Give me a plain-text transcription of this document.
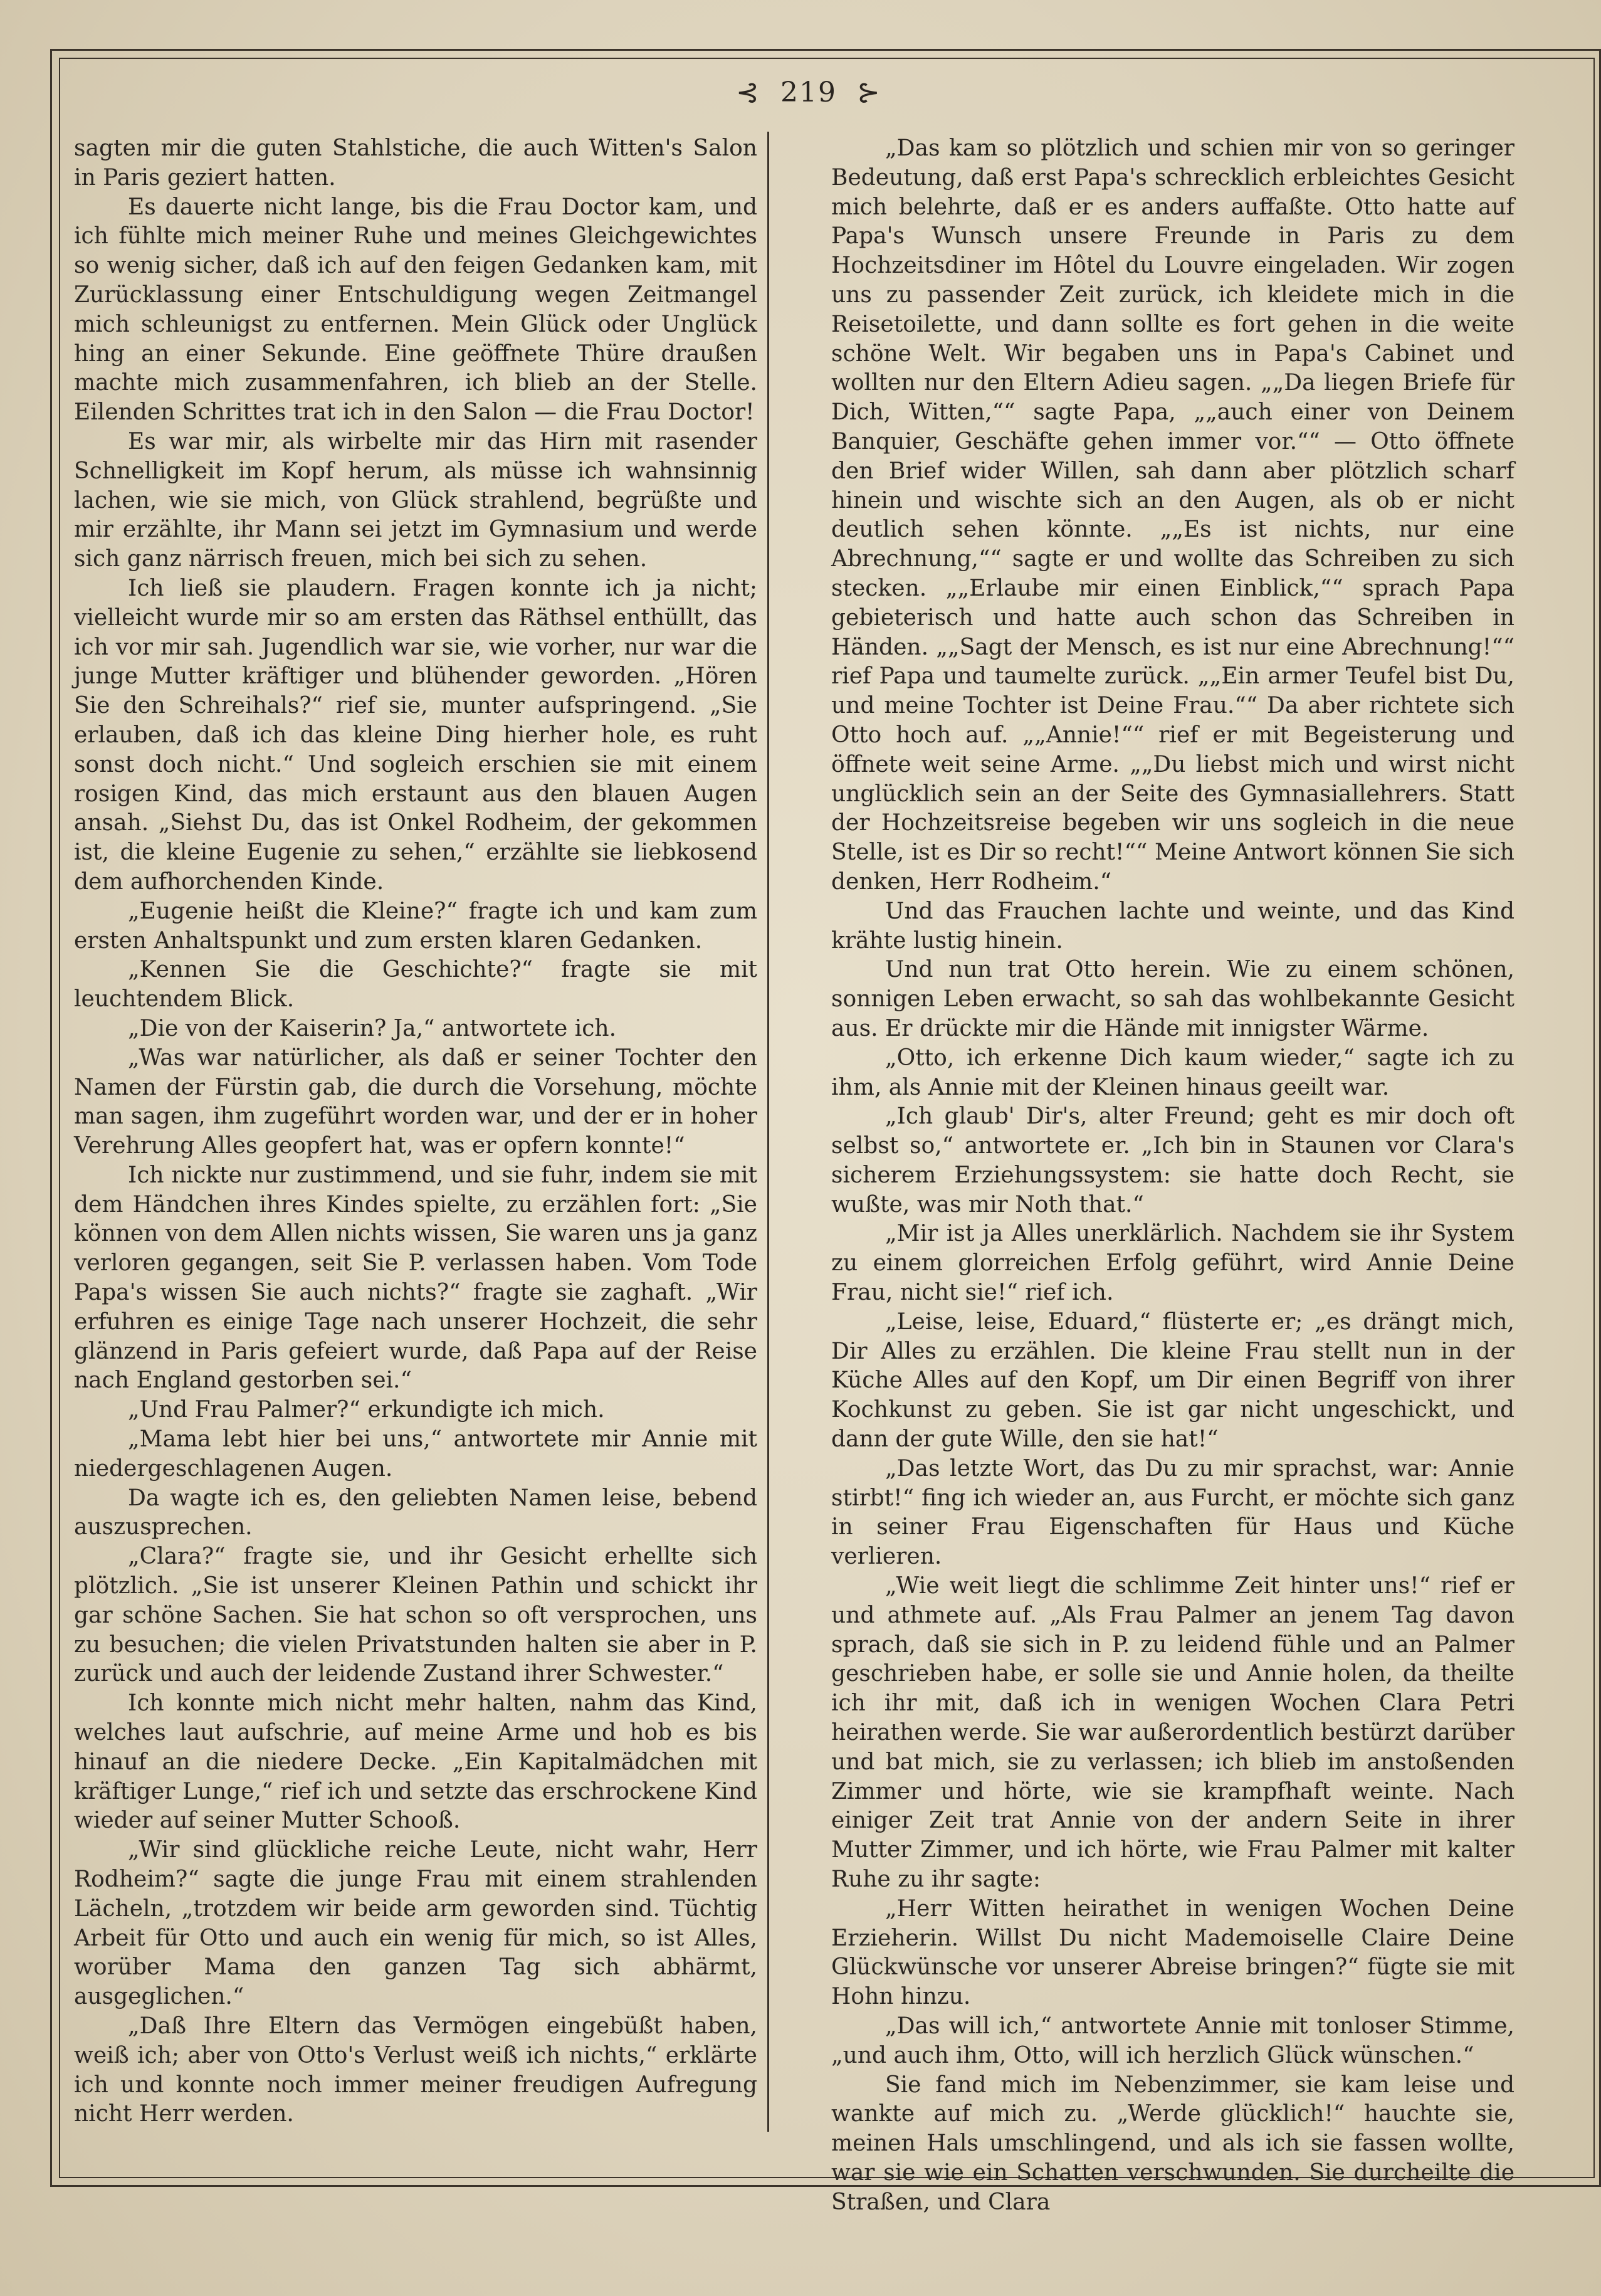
⊰ 219 ⊱

sagten mir die guten Stahlstiche, die auch Witten's Salon in Paris geziert hatten.

Es dauerte nicht lange, bis die Frau Doctor kam, und ich fühlte mich meiner Ruhe und meines Gleichgewichtes so wenig sicher, daß ich auf den feigen Gedanken kam, mit Zurücklassung einer Entschuldigung wegen Zeitmangel mich schleunigst zu entfernen. Mein Glück oder Unglück hing an einer Sekunde. Eine geöffnete Thüre draußen machte mich zusammenfahren, ich blieb an der Stelle. Eilenden Schrittes trat ich in den Salon — die Frau Doctor!

Es war mir, als wirbelte mir das Hirn mit rasender Schnelligkeit im Kopf herum, als müsse ich wahnsinnig lachen, wie sie mich, von Glück strahlend, begrüßte und mir erzählte, ihr Mann sei jetzt im Gymnasium und werde sich ganz närrisch freuen, mich bei sich zu sehen.

Ich ließ sie plaudern. Fragen konnte ich ja nicht; vielleicht wurde mir so am ersten das Räthsel enthüllt, das ich vor mir sah. Jugendlich war sie, wie vorher, nur war die junge Mutter kräftiger und blühender geworden. „Hören Sie den Schreihals?“ rief sie, munter aufspringend. „Sie erlauben, daß ich das kleine Ding hierher hole, es ruht sonst doch nicht.“ Und sogleich erschien sie mit einem rosigen Kind, das mich erstaunt aus den blauen Augen ansah. „Siehst Du, das ist Onkel Rodheim, der gekommen ist, die kleine Eugenie zu sehen,“ erzählte sie liebkosend dem aufhorchenden Kinde.

„Eugenie heißt die Kleine?“ fragte ich und kam zum ersten Anhaltspunkt und zum ersten klaren Gedanken.

„Kennen Sie die Geschichte?“ fragte sie mit leuchtendem Blick.

„Die von der Kaiserin? Ja,“ antwortete ich.

„Was war natürlicher, als daß er seiner Tochter den Namen der Fürstin gab, die durch die Vorsehung, möchte man sagen, ihm zugeführt worden war, und der er in hoher Verehrung Alles geopfert hat, was er opfern konnte!“

Ich nickte nur zustimmend, und sie fuhr, indem sie mit dem Händchen ihres Kindes spielte, zu erzählen fort: „Sie können von dem Allen nichts wissen, Sie waren uns ja ganz verloren gegangen, seit Sie P. verlassen haben. Vom Tode Papa's wissen Sie auch nichts?“ fragte sie zaghaft. „Wir erfuhren es einige Tage nach unserer Hochzeit, die sehr glänzend in Paris gefeiert wurde, daß Papa auf der Reise nach England gestorben sei.“

„Und Frau Palmer?“ erkundigte ich mich.

„Mama lebt hier bei uns,“ antwortete mir Annie mit niedergeschlagenen Augen.

Da wagte ich es, den geliebten Namen leise, bebend auszusprechen.

„Clara?“ fragte sie, und ihr Gesicht erhellte sich plötzlich. „Sie ist unserer Kleinen Pathin und schickt ihr gar schöne Sachen. Sie hat schon so oft versprochen, uns zu besuchen; die vielen Privatstunden halten sie aber in P. zurück und auch der leidende Zustand ihrer Schwester.“

Ich konnte mich nicht mehr halten, nahm das Kind, welches laut aufschrie, auf meine Arme und hob es bis hinauf an die niedere Decke. „Ein Kapitalmädchen mit kräftiger Lunge,“ rief ich und setzte das erschrockene Kind wieder auf seiner Mutter Schooß.

„Wir sind glückliche reiche Leute, nicht wahr, Herr Rodheim?“ sagte die junge Frau mit einem strahlenden Lächeln, „trotzdem wir beide arm geworden sind. Tüchtig Arbeit für Otto und auch ein wenig für mich, so ist Alles, worüber Mama den ganzen Tag sich abhärmt, ausgeglichen.“

„Daß Ihre Eltern das Vermögen eingebüßt haben, weiß ich; aber von Otto's Verlust weiß ich nichts,“ erklärte ich und konnte noch immer meiner freudigen Aufregung nicht Herr werden.

„Das kam so plötzlich und schien mir von so geringer Bedeutung, daß erst Papa's schrecklich erbleichtes Gesicht mich belehrte, daß er es anders auffaßte. Otto hatte auf Papa's Wunsch unsere Freunde in Paris zu dem Hochzeitsdiner im Hôtel du Louvre eingeladen. Wir zogen uns zu passender Zeit zurück, ich kleidete mich in die Reisetoilette, und dann sollte es fort gehen in die weite schöne Welt. Wir begaben uns in Papa's Cabinet und wollten nur den Eltern Adieu sagen. „„Da liegen Briefe für Dich, Witten,““ sagte Papa, „„auch einer von Deinem Banquier, Geschäfte gehen immer vor.““ — Otto öffnete den Brief wider Willen, sah dann aber plötzlich scharf hinein und wischte sich an den Augen, als ob er nicht deutlich sehen könnte. „„Es ist nichts, nur eine Abrechnung,““ sagte er und wollte das Schreiben zu sich stecken. „„Erlaube mir einen Einblick,““ sprach Papa gebieterisch und hatte auch schon das Schreiben in Händen. „„Sagt der Mensch, es ist nur eine Abrechnung!““ rief Papa und taumelte zurück. „„Ein armer Teufel bist Du, und meine Tochter ist Deine Frau.““ Da aber richtete sich Otto hoch auf. „„Annie!““ rief er mit Begeisterung und öffnete weit seine Arme. „„Du liebst mich und wirst nicht unglücklich sein an der Seite des Gymnasiallehrers. Statt der Hochzeitsreise begeben wir uns sogleich in die neue Stelle, ist es Dir so recht!““ Meine Antwort können Sie sich denken, Herr Rodheim.“

Und das Frauchen lachte und weinte, und das Kind krähte lustig hinein.

Und nun trat Otto herein. Wie zu einem schönen, sonnigen Leben erwacht, so sah das wohlbekannte Gesicht aus. Er drückte mir die Hände mit innigster Wärme.

„Otto, ich erkenne Dich kaum wieder,“ sagte ich zu ihm, als Annie mit der Kleinen hinaus geeilt war.

„Ich glaub' Dir's, alter Freund; geht es mir doch oft selbst so,“ antwortete er. „Ich bin in Staunen vor Clara's sicherem Erziehungssystem: sie hatte doch Recht, sie wußte, was mir Noth that.“

„Mir ist ja Alles unerklärlich. Nachdem sie ihr System zu einem glorreichen Erfolg geführt, wird Annie Deine Frau, nicht sie!“ rief ich.

„Leise, leise, Eduard,“ flüsterte er; „es drängt mich, Dir Alles zu erzählen. Die kleine Frau stellt nun in der Küche Alles auf den Kopf, um Dir einen Begriff von ihrer Kochkunst zu geben. Sie ist gar nicht ungeschickt, und dann der gute Wille, den sie hat!“

„Das letzte Wort, das Du zu mir sprachst, war: Annie stirbt!“ fing ich wieder an, aus Furcht, er möchte sich ganz in seiner Frau Eigenschaften für Haus und Küche verlieren.

„Wie weit liegt die schlimme Zeit hinter uns!“ rief er und athmete auf. „Als Frau Palmer an jenem Tag davon sprach, daß sie sich in P. zu leidend fühle und an Palmer geschrieben habe, er solle sie und Annie holen, da theilte ich ihr mit, daß ich in wenigen Wochen Clara Petri heirathen werde. Sie war außerordentlich bestürzt darüber und bat mich, sie zu verlassen; ich blieb im anstoßenden Zimmer und hörte, wie sie krampfhaft weinte. Nach einiger Zeit trat Annie von der andern Seite in ihrer Mutter Zimmer, und ich hörte, wie Frau Palmer mit kalter Ruhe zu ihr sagte:

„Herr Witten heirathet in wenigen Wochen Deine Erzieherin. Willst Du nicht Mademoiselle Claire Deine Glückwünsche vor unserer Abreise bringen?“ fügte sie mit Hohn hinzu.

„Das will ich,“ antwortete Annie mit tonloser Stimme, „und auch ihm, Otto, will ich herzlich Glück wünschen.“

Sie fand mich im Nebenzimmer, sie kam leise und wankte auf mich zu. „Werde glücklich!“ hauchte sie, meinen Hals umschlingend, und als ich sie fassen wollte, war sie wie ein Schatten verschwunden. Sie durcheilte die Straßen, und Clara
